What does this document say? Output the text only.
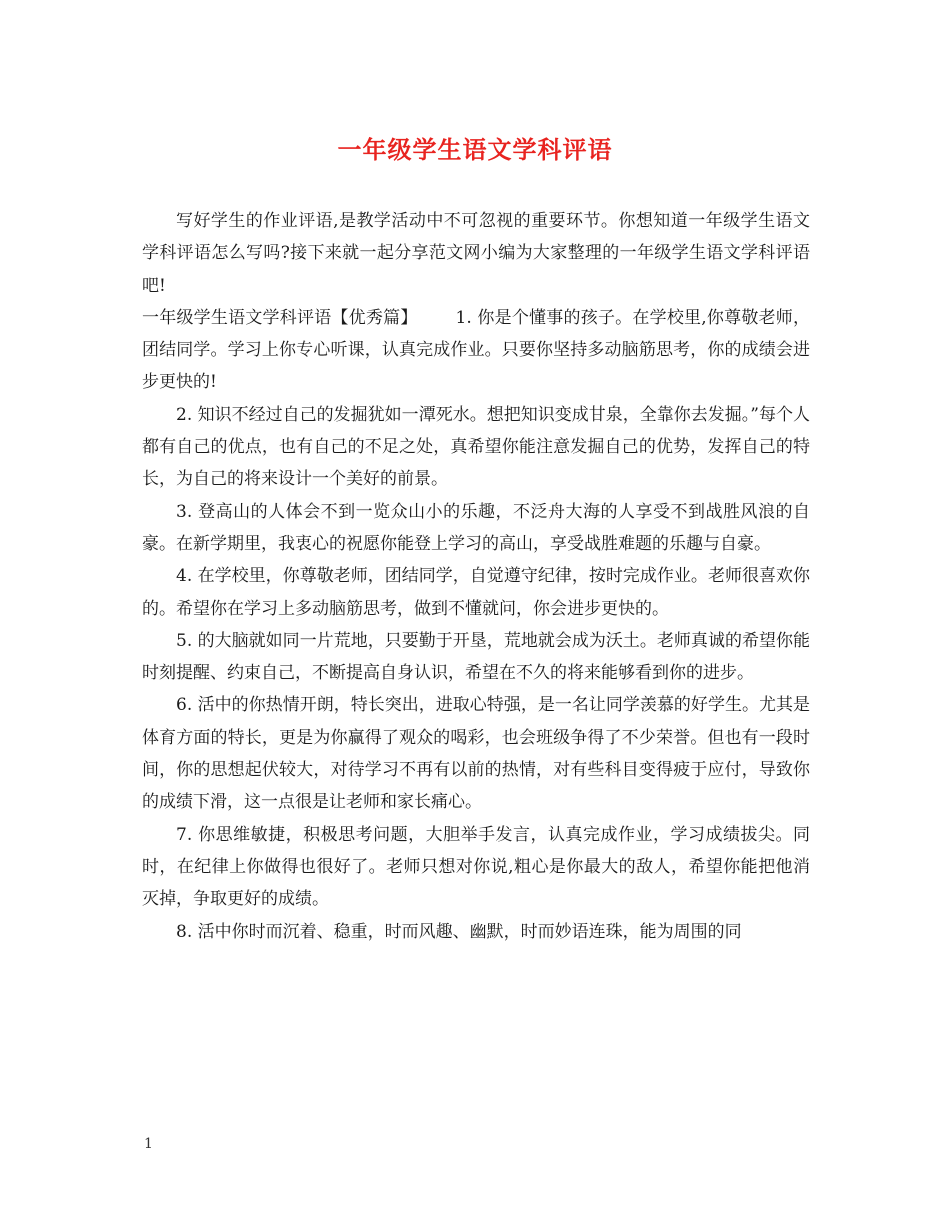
一年级学生语文学科评语

写好学生的作业评语,是教学活动中不可忽视的重要环节。你想知道一年级学生语文学科评语怎么写吗?接下来就一起分享范文网小编为大家整理的一年级学生语文学科评语吧!

一年级学生语文学科评语【优秀篇】 1. 你是个懂事的孩子。在学校里,你尊敬老师，团结同学。学习上你专心听课，认真完成作业。只要你坚持多动脑筋思考，你的成绩会进步更快的!

2. 知识不经过自己的发掘犹如一潭死水。想把知识变成甘泉，全靠你去发掘。”每个人都有自己的优点，也有自己的不足之处，真希望你能注意发掘自己的优势，发挥自己的特长，为自己的将来设计一个美好的前景。

3. 登高山的人体会不到一览众山小的乐趣，不泛舟大海的人享受不到战胜风浪的自豪。在新学期里，我衷心的祝愿你能登上学习的高山，享受战胜难题的乐趣与自豪。

4. 在学校里，你尊敬老师，团结同学，自觉遵守纪律，按时完成作业。老师很喜欢你的。希望你在学习上多动脑筋思考，做到不懂就问，你会进步更快的。

5. 的大脑就如同一片荒地，只要勤于开垦，荒地就会成为沃土。老师真诚的希望你能时刻提醒、约束自己，不断提高自身认识，希望在不久的将来能够看到你的进步。

6. 活中的你热情开朗，特长突出，进取心特强，是一名让同学羡慕的好学生。尤其是体育方面的特长，更是为你赢得了观众的喝彩，也会班级争得了不少荣誉。但也有一段时间，你的思想起伏较大，对待学习不再有以前的热情，对有些科目变得疲于应付，导致你的成绩下滑，这一点很是让老师和家长痛心。

7. 你思维敏捷，积极思考问题，大胆举手发言，认真完成作业，学习成绩拔尖。同时，在纪律上你做得也很好了。老师只想对你说,粗心是你最大的敌人，希望你能把他消灭掉，争取更好的成绩。

8. 活中你时而沉着、稳重，时而风趣、幽默，时而妙语连珠，能为周围的同

1
